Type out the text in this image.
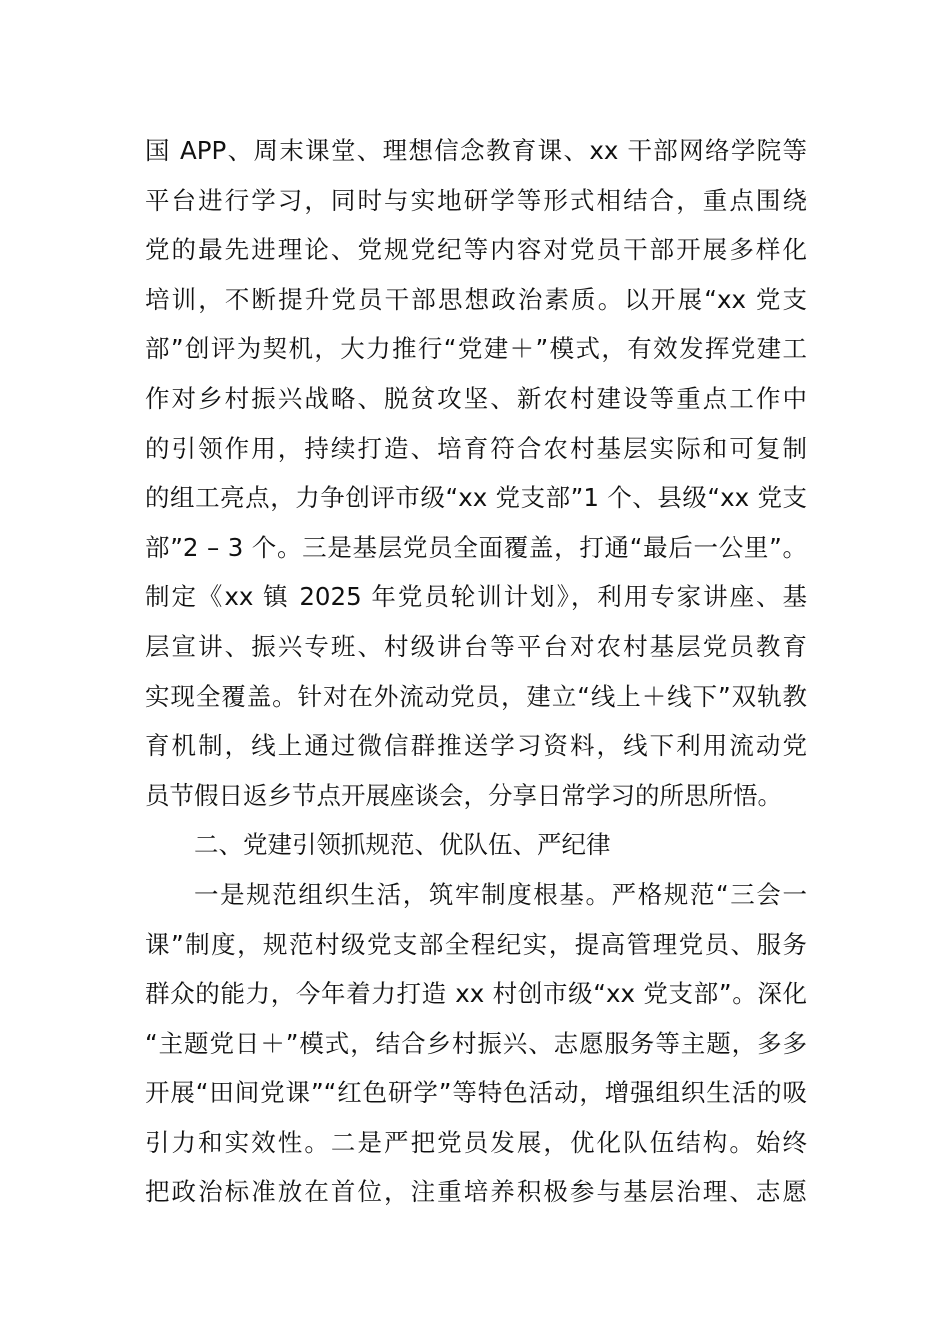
国 APP、周末课堂、理想信念教育课、xx 干部网络学院等
平台进行学习，同时与实地研学等形式相结合，重点围绕
党的最先进理论、党规党纪等内容对党员干部开展多样化
培训，不断提升党员干部思想政治素质。以开展“xx 党支
部”创评为契机，大力推行“党建＋”模式，有效发挥党建工
作对乡村振兴战略、脱贫攻坚、新农村建设等重点工作中
的引领作用，持续打造、培育符合农村基层实际和可复制
的组工亮点，力争创评市级“xx 党支部”1 个、县级“xx 党支
部”2 – 3 个。三是基层党员全面覆盖，打通“最后一公里”。
制定《xx 镇 2025 年党员轮训计划》，利用专家讲座、基
层宣讲、振兴专班、村级讲台等平台对农村基层党员教育
实现全覆盖。针对在外流动党员，建立“线上＋线下”双轨教
育机制，线上通过微信群推送学习资料，线下利用流动党
员节假日返乡节点开展座谈会，分享日常学习的所思所悟。
二、党建引领抓规范、优队伍、严纪律
一是规范组织生活，筑牢制度根基。严格规范“三会一
课”制度，规范村级党支部全程纪实，提高管理党员、服务
群众的能力，今年着力打造 xx 村创市级“xx 党支部”。深化
“主题党日＋”模式，结合乡村振兴、志愿服务等主题，多多
开展“田间党课”“红色研学”等特色活动，增强组织生活的吸
引力和实效性。二是严把党员发展，优化队伍结构。始终
把政治标准放在首位，注重培养积极参与基层治理、志愿
